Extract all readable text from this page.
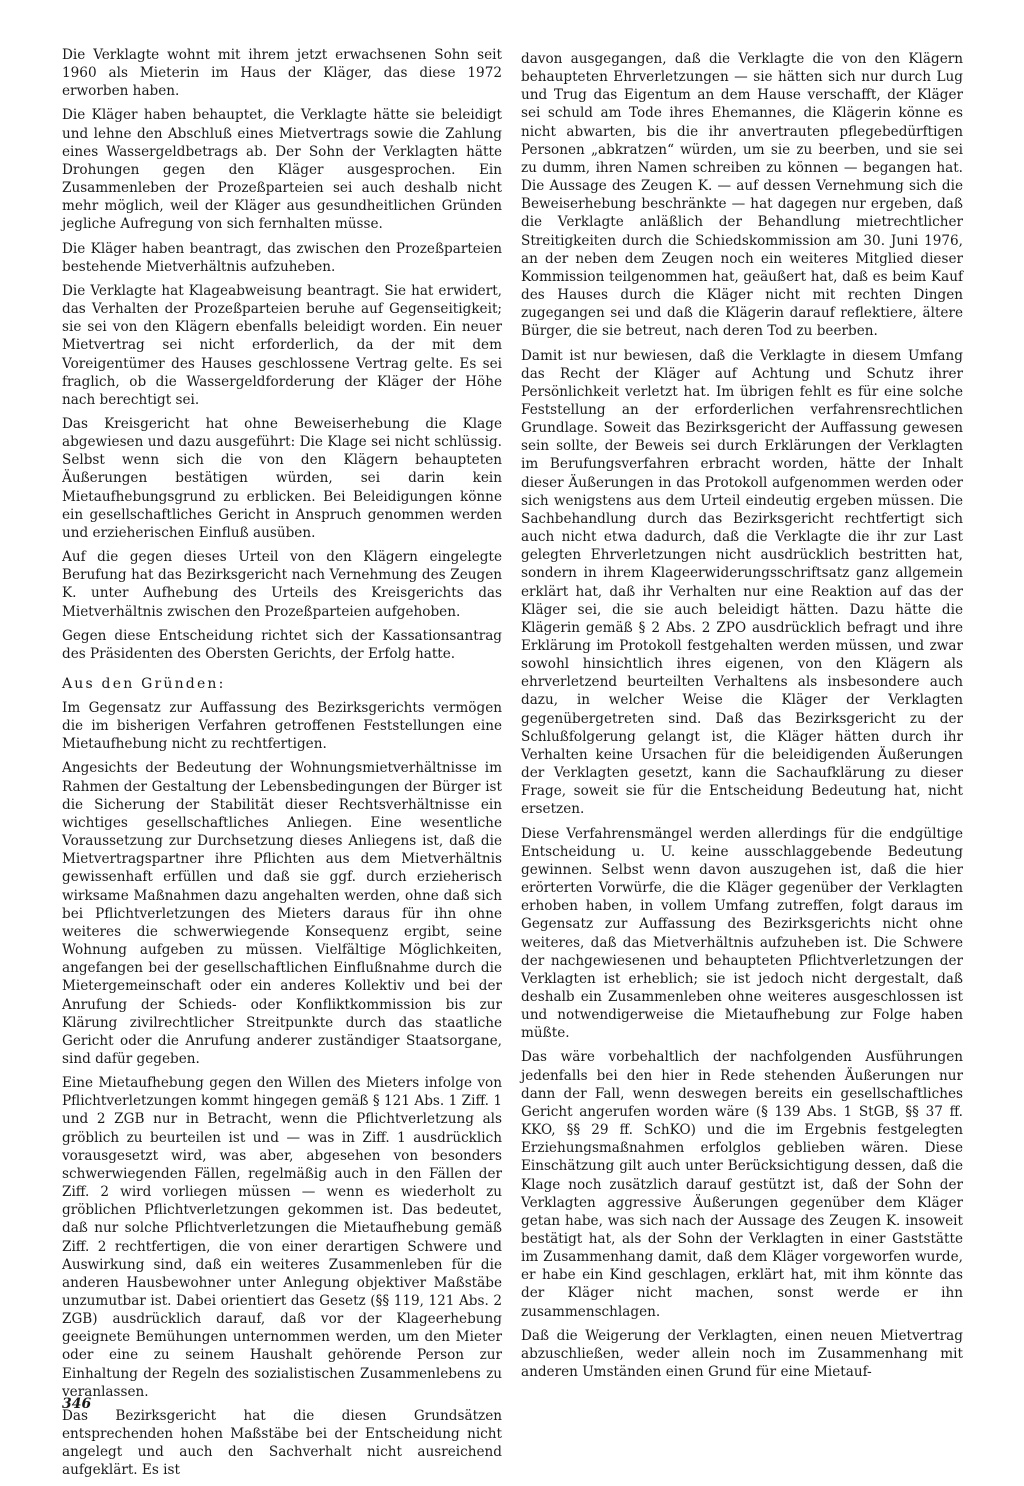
Die Verklagte wohnt mit ihrem jetzt erwachsenen Sohn seit 1960 als Mieterin im Haus der Kläger, das diese 1972 erworben haben.

Die Kläger haben behauptet, die Verklagte hätte sie beleidigt und lehne den Abschluß eines Mietvertrags sowie die Zahlung eines Wassergeldbetrags ab. Der Sohn der Verklagten hätte Drohungen gegen den Kläger ausgesprochen. Ein Zusammenleben der Prozeßparteien sei auch deshalb nicht mehr möglich, weil der Kläger aus gesundheitlichen Gründen jegliche Aufregung von sich fernhalten müsse.

Die Kläger haben beantragt, das zwischen den Prozeßparteien bestehende Mietverhältnis aufzuheben.

Die Verklagte hat Klageabweisung beantragt. Sie hat erwidert, das Verhalten der Prozeßparteien beruhe auf Gegenseitigkeit; sie sei von den Klägern ebenfalls beleidigt worden. Ein neuer Mietvertrag sei nicht erforderlich, da der mit dem Voreigentümer des Hauses geschlossene Vertrag gelte. Es sei fraglich, ob die Wassergeldforderung der Kläger der Höhe nach berechtigt sei.

Das Kreisgericht hat ohne Beweiserhebung die Klage abgewiesen und dazu ausgeführt: Die Klage sei nicht schlüssig. Selbst wenn sich die von den Klägern behaupteten Äußerungen bestätigen würden, sei darin kein Mietaufhebungsgrund zu erblicken. Bei Beleidigungen könne ein gesellschaftliches Gericht in Anspruch genommen werden und erzieherischen Einfluß ausüben.

Auf die gegen dieses Urteil von den Klägern eingelegte Berufung hat das Bezirksgericht nach Vernehmung des Zeugen K. unter Aufhebung des Urteils des Kreisgerichts das Mietverhältnis zwischen den Prozeßparteien aufgehoben.

Gegen diese Entscheidung richtet sich der Kassationsantrag des Präsidenten des Obersten Gerichts, der Erfolg hatte.

Aus den Gründen:

Im Gegensatz zur Auffassung des Bezirksgerichts vermögen die im bisherigen Verfahren getroffenen Feststellungen eine Mietaufhebung nicht zu rechtfertigen.

Angesichts der Bedeutung der Wohnungsmietverhältnisse im Rahmen der Gestaltung der Lebensbedingungen der Bürger ist die Sicherung der Stabilität dieser Rechtsverhältnisse ein wichtiges gesellschaftliches Anliegen. Eine wesentliche Voraussetzung zur Durchsetzung dieses Anliegens ist, daß die Mietvertragspartner ihre Pflichten aus dem Mietverhältnis gewissenhaft erfüllen und daß sie ggf. durch erzieherisch wirksame Maßnahmen dazu angehalten werden, ohne daß sich bei Pflichtverletzungen des Mieters daraus für ihn ohne weiteres die schwerwiegende Konsequenz ergibt, seine Wohnung aufgeben zu müssen. Vielfältige Möglichkeiten, angefangen bei der gesellschaftlichen Einflußnahme durch die Mietergemeinschaft oder ein anderes Kollektiv und bei der Anrufung der Schieds- oder Konfliktkommission bis zur Klärung zivilrechtlicher Streitpunkte durch das staatliche Gericht oder die Anrufung anderer zuständiger Staatsorgane, sind dafür gegeben.

Eine Mietaufhebung gegen den Willen des Mieters infolge von Pflichtverletzungen kommt hingegen gemäß § 121 Abs. 1 Ziff. 1 und 2 ZGB nur in Betracht, wenn die Pflichtverletzung als gröblich zu beurteilen ist und — was in Ziff. 1 ausdrücklich vorausgesetzt wird, was aber, abgesehen von besonders schwerwiegenden Fällen, regelmäßig auch in den Fällen der Ziff. 2 wird vorliegen müssen — wenn es wiederholt zu gröblichen Pflichtverletzungen gekommen ist. Das bedeutet, daß nur solche Pflichtverletzungen die Mietaufhebung gemäß Ziff. 2 rechtfertigen, die von einer derartigen Schwere und Auswirkung sind, daß ein weiteres Zusammenleben für die anderen Hausbewohner unter Anlegung objektiver Maßstäbe unzumutbar ist. Dabei orientiert das Gesetz (§§ 119, 121 Abs. 2 ZGB) ausdrücklich darauf, daß vor der Klageerhebung geeignete Bemühungen unternommen werden, um den Mieter oder eine zu seinem Haushalt gehörende Person zur Einhaltung der Regeln des sozialistischen Zusammenlebens zu veranlassen.

Das Bezirksgericht hat die diesen Grundsätzen entsprechenden hohen Maßstäbe bei der Entscheidung nicht angelegt und auch den Sachverhalt nicht ausreichend aufgeklärt. Es ist

davon ausgegangen, daß die Verklagte die von den Klägern behaupteten Ehrverletzungen — sie hätten sich nur durch Lug und Trug das Eigentum an dem Hause verschafft, der Kläger sei schuld am Tode ihres Ehemannes, die Klägerin könne es nicht abwarten, bis die ihr anvertrauten pflegebedürftigen Personen „abkratzen“ würden, um sie zu beerben, und sie sei zu dumm, ihren Namen schreiben zu können — begangen hat. Die Aussage des Zeugen K. — auf dessen Vernehmung sich die Beweiserhebung beschränkte — hat dagegen nur ergeben, daß die Verklagte anläßlich der Behandlung mietrechtlicher Streitigkeiten durch die Schiedskommission am 30. Juni 1976, an der neben dem Zeugen noch ein weiteres Mitglied dieser Kommission teilgenommen hat, geäußert hat, daß es beim Kauf des Hauses durch die Kläger nicht mit rechten Dingen zugegangen sei und daß die Klägerin darauf reflektiere, ältere Bürger, die sie betreut, nach deren Tod zu beerben.

Damit ist nur bewiesen, daß die Verklagte in diesem Umfang das Recht der Kläger auf Achtung und Schutz ihrer Persönlichkeit verletzt hat. Im übrigen fehlt es für eine solche Feststellung an der erforderlichen verfahrensrechtlichen Grundlage. Soweit das Bezirksgericht der Auffassung gewesen sein sollte, der Beweis sei durch Erklärungen der Verklagten im Berufungsverfahren erbracht worden, hätte der Inhalt dieser Äußerungen in das Protokoll aufgenommen werden oder sich wenigstens aus dem Urteil eindeutig ergeben müssen. Die Sachbehandlung durch das Bezirksgericht rechtfertigt sich auch nicht etwa dadurch, daß die Verklagte die ihr zur Last gelegten Ehrverletzungen nicht ausdrücklich bestritten hat, sondern in ihrem Klageerwiderungsschriftsatz ganz allgemein erklärt hat, daß ihr Verhalten nur eine Reaktion auf das der Kläger sei, die sie auch beleidigt hätten. Dazu hätte die Klägerin gemäß § 2 Abs. 2 ZPO ausdrücklich befragt und ihre Erklärung im Protokoll festgehalten werden müssen, und zwar sowohl hinsichtlich ihres eigenen, von den Klägern als ehrverletzend beurteilten Verhaltens als insbesondere auch dazu, in welcher Weise die Kläger der Verklagten gegenübergetreten sind. Daß das Bezirksgericht zu der Schlußfolgerung gelangt ist, die Kläger hätten durch ihr Verhalten keine Ursachen für die beleidigenden Äußerungen der Verklagten gesetzt, kann die Sachaufklärung zu dieser Frage, soweit sie für die Entscheidung Bedeutung hat, nicht ersetzen.

Diese Verfahrensmängel werden allerdings für die endgültige Entscheidung u. U. keine ausschlaggebende Bedeutung gewinnen. Selbst wenn davon auszugehen ist, daß die hier erörterten Vorwürfe, die die Kläger gegenüber der Verklagten erhoben haben, in vollem Umfang zutreffen, folgt daraus im Gegensatz zur Auffassung des Bezirksgerichts nicht ohne weiteres, daß das Mietverhältnis aufzuheben ist. Die Schwere der nachgewiesenen und behaupteten Pflichtverletzungen der Verklagten ist erheblich; sie ist jedoch nicht dergestalt, daß deshalb ein Zusammenleben ohne weiteres ausgeschlossen ist und notwendigerweise die Mietaufhebung zur Folge haben müßte.

Das wäre vorbehaltlich der nachfolgenden Ausführungen jedenfalls bei den hier in Rede stehenden Äußerungen nur dann der Fall, wenn deswegen bereits ein gesellschaftliches Gericht angerufen worden wäre (§ 139 Abs. 1 StGB, §§ 37 ff. KKO, §§ 29 ff. SchKO) und die im Ergebnis festgelegten Erziehungsmaßnahmen erfolglos geblieben wären. Diese Einschätzung gilt auch unter Berücksichtigung dessen, daß die Klage noch zusätzlich darauf gestützt ist, daß der Sohn der Verklagten aggressive Äußerungen gegenüber dem Kläger getan habe, was sich nach der Aussage des Zeugen K. insoweit bestätigt hat, als der Sohn der Verklagten in einer Gaststätte im Zusammenhang damit, daß dem Kläger vorgeworfen wurde, er habe ein Kind geschlagen, erklärt hat, mit ihm könnte das der Kläger nicht machen, sonst werde er ihn zusammenschlagen.

Daß die Weigerung der Verklagten, einen neuen Mietvertrag abzuschließen, weder allein noch im Zusammenhang mit anderen Umständen einen Grund für eine Mietauf-

346
